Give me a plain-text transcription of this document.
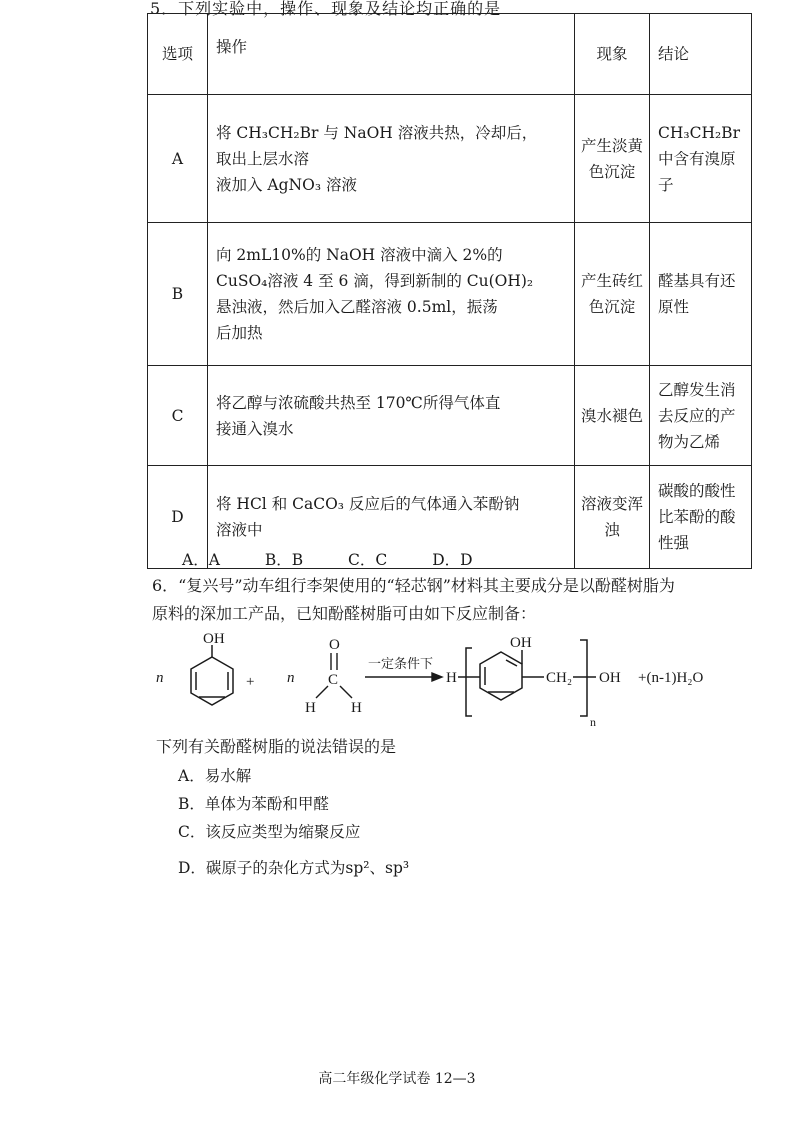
5．下列实验中，操作、现象及结论均正确的是

选项	操作	现象	结论
A	将 CH₃CH₂Br 与 NaOH 溶液共热，冷却后，
取出上层水溶
液加入 AgNO₃ 溶液	产生淡黄色沉淀	CH₃CH₂Br 中含有溴原子
B	向 2mL10%的 NaOH 溶液中滴入 2%的
CuSO₄溶液 4 至 6 滴，得到新制的 Cu(OH)₂
悬浊液，然后加入乙醛溶液 0.5ml，振荡
后加热	产生砖红色沉淀	醛基具有还原性
C	将乙醇与浓硫酸共热至 170℃所得气体直
接通入溴水	溴水褪色	乙醇发生消去反应的产物为乙烯
D	将 HCl 和 CaCO₃ 反应后的气体通入苯酚钠
溶液中	溶液变浑浊	碳酸的酸性比苯酚的酸性强

A．A	B．B	C．C	D．D

6．“复兴号”动车组行李架使用的“轻芯钢”材料其主要成分是以酚醛树脂为
原料的深加工产品，已知酚醛树脂可由如下反应制备：

n
OH
+ n
O
C
H H
一定条件下
H
OH
CH₂ OH
n
+(n-1)H₂O

下列有关酚醛树脂的说法错误的是

A．易水解
B．单体为苯酚和甲醛
C．该反应类型为缩聚反应
D．碳原子的杂化方式为sp²、sp³
高二年级化学试卷 12—3
